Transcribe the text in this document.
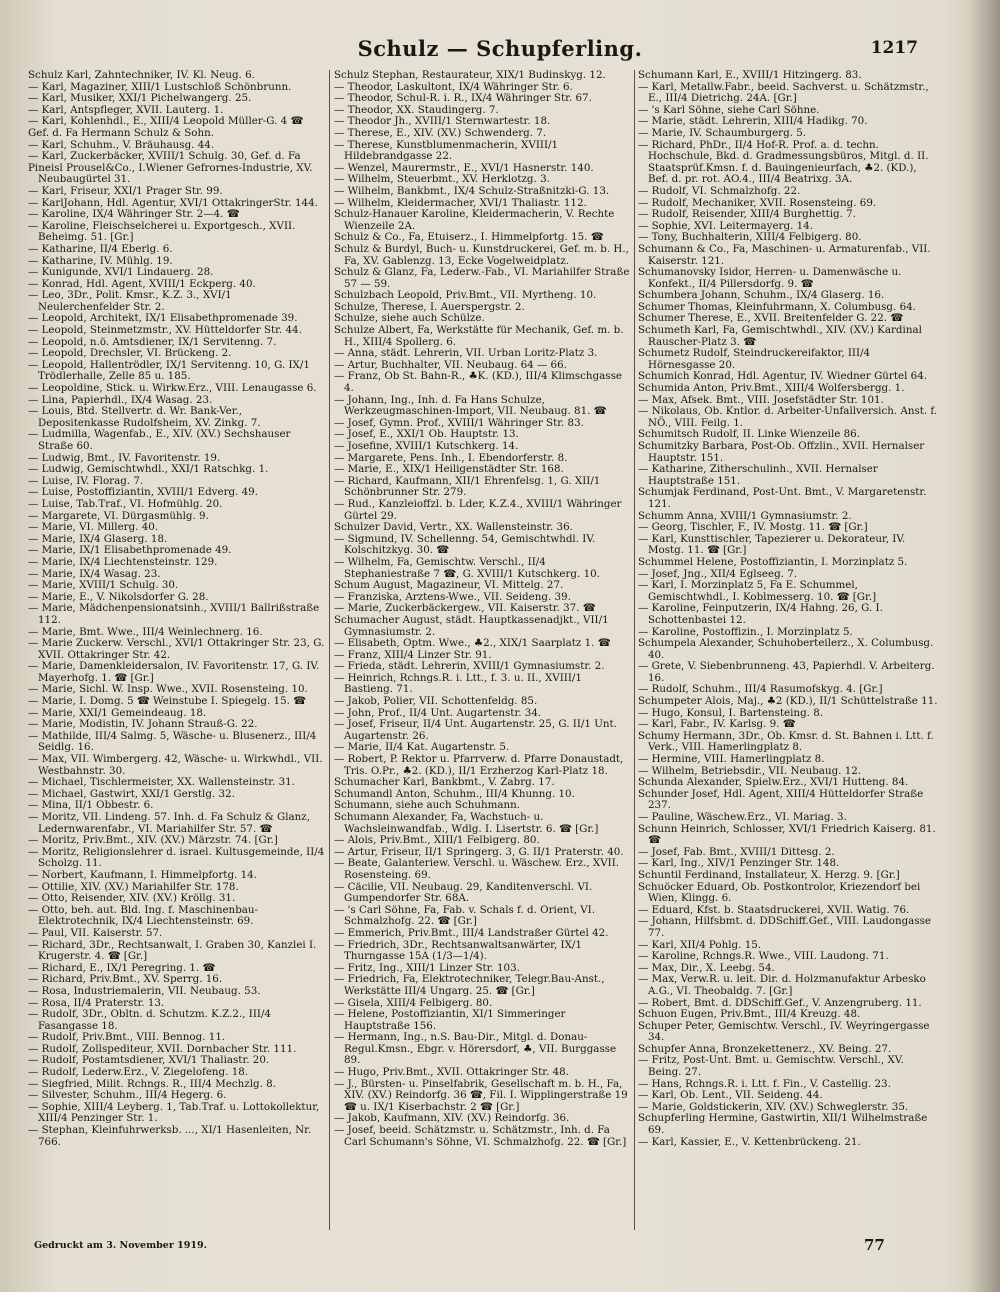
Schulz — Schupferling.	1217

Schulz Karl, Zahntechniker, IV. Kl. Neug. 6.

— Karl, Magaziner, XIII/1 Lustschloß Schönbrunn.

— Karl, Musiker, XXI/1 Pichelwangerg. 25.

— Karl, Antspfleger, XVII. Lauterg. 1.

— Karl, Kohlenhdl., E., XIII/4 Leopold Müller-G. 4 ☎

Gef. d. Fa Hermann Schulz & Sohn.

— Karl, Schuhm., V. Bräuhausg. 44.

— Karl, Zuckerbäcker, XVIII/1 Schulg. 30, Gef. d. Fa

Pineisl Prousel&Co., I.Wiener Gefrornes-Industrie, XV. Neubaugürtel 31.

— Karl, Friseur, XXI/1 Prager Str. 99.

— KarlJohann, Hdl. Agentur, XVI/1 OttakringerStr. 144.

— Karoline, IX/4 Währinger Str. 2—4. ☎

— Karoline, Fleischselcherei u. Exportgesch., XVII. Beheimg. 51. [Gr.]

— Katharine, II/4 Eberlg. 6.

— Katharine, IV. Mühlg. 19.

— Kunigunde, XVI/1 Lindauerg. 28.

— Konrad, Hdl. Agent, XVIII/1 Eckperg. 40.

— Leo, 3Dr., Polit. Kmsr., K.Z. 3., XVI/1 Neulerchenfelder Str. 2.

— Leopold, Architekt, IX/1 Elisabethpromenade 39.

— Leopold, Steinmetzmstr., XV. Hütteldorfer Str. 44.

— Leopold, n.ö. Amtsdiener, IX/1 Servitenng. 7.

— Leopold, Drechsler, VI. Brückeng. 2.

— Leopold, Hallentrödler, IX/1 Servitenng. 10, G. IX/1 Trödlerhalle, Zelle 85 u. 185.

— Leopoldine, Stick. u. Wirkw.Erz., VIII. Lenaugasse 6.

— Lina, Papierhdl., IX/4 Wasag. 23.

— Louis, Btd. Stellvertr. d. Wr. Bank-Ver., Depositenkasse Rudolfsheim, XV. Zinkg. 7.

— Ludmilla, Wagenfab., E., XIV. (XV.) Sechshauser Straße 60.

— Ludwig, Bmt., IV. Favoritenstr. 19.

— Ludwig, Gemischtwhdl., XXI/1 Ratschkg. 1.

— Luise, IV. Florag. 7.

— Luise, Postoffiziantin, XVIII/1 Edverg. 49.

— Luise, Tab.Traf., VI. Hofmühlg. 20.

— Margarete, VI. Dürgasmühlg. 9.

— Marie, VI. Millerg. 40.

— Marie, IX/4 Glaserg. 18.

— Marie, IX/1 Elisabethpromenade 49.

— Marie, IX/4 Liechtensteinstr. 129.

— Marie, IX/4 Wasag. 23.

— Marie, XVIII/1 Schulg. 30.

— Marie, E., V. Nikolsdorfer G. 28.

— Marie, Mädchenpensionatsinh., XVIII/1 Ballrißstraße 112.

— Marie, Bmt. Wwe., III/4 Weinlechnerg. 16.

— Marie Zuckerw. Verschl., XVI/1 Ottakringer Str. 23, G. XVII. Ottakringer Str. 42.

— Marie, Damenkleidersalon, IV. Favoritenstr. 17, G. IV. Mayerhofg. 1. ☎ [Gr.]

— Marie, Sichl. W. Insp. Wwe., XVII. Rosensteing. 10.

— Marie, I. Domg. 5 ☎ Weinstube I. Spiegelg. 15. ☎

— Marie, XXI/1 Gemeindeaug. 18.

— Marie, Modistin, IV. Johann Strauß-G. 22.

— Mathilde, III/4 Salmg. 5, Wäsche- u. Blusenerz., III/4 Seidlg. 16.

— Max, VII. Wimbergerg. 42, Wäsche- u. Wirkwhdl., VII. Westbahnstr. 30.

— Michael, Tischlermeister, XX. Wallensteinstr. 31.

— Michael, Gastwirt, XXI/1 Gerstlg. 32.

— Mina, II/1 Obbestr. 6.

— Moritz, VII. Lindeng. 57. Inh. d. Fa Schulz & Glanz, Ledernwarenfabr., VI. Mariahilfer Str. 57. ☎

— Moritz, Priv.Bmt., XIV. (XV.) Märzstr. 74. [Gr.]

— Moritz, Religionslehrer d. israel. Kultusgemeinde, II/4 Scholzg. 11.

— Norbert, Kaufmann, I. Himmelpfortg. 14.

— Ottilie, XIV. (XV.) Mariahilfer Str. 178.

— Otto, Reisender, XIV. (XV.) Kröllg. 31.

— Otto, beh. aut. Bld. Ing. f. Maschinenbau-Elektrotechnik, IX/4 Liechtensteinstr. 69.

— Paul, VII. Kaiserstr. 57.

— Richard, 3Dr., Rechtsanwalt, I. Graben 30, Kanzlei I. Krugerstr. 4. ☎ [Gr.]

— Richard, E., IX/1 Peregring. 1. ☎

— Richard, Priv.Bmt., XV. Sperrg. 16.

— Rosa, Industriemalerin, VII. Neubaug. 53.

— Rosa, II/4 Praterstr. 13.

— Rudolf, 3Dr., Obltn. d. Schutzm. K.Z.2., III/4 Fasangasse 18.

— Rudolf, Priv.Bmt., VIII. Bennog. 11.

— Rudolf, Zollspediteur, XVII. Dornbacher Str. 111.

— Rudolf, Postamtsdiener, XVI/1 Thaliastr. 20.

— Rudolf, Lederw.Erz., V. Ziegelofeng. 18.

— Siegfried, Milit. Rchngs. R., III/4 Mechzlg. 8.

— Silvester, Schuhm., III/4 Hegerg. 6.

— Sophie, XIII/4 Leyberg. 1, Tab.Traf. u. Lottokollektur, XIII/4 Penzinger Str. 1.

— Stephan, Kleinfuhrwerksb. ..., XI/1 Hasenleiten, Nr. 766.

Schulz Stephan, Restaurateur, XIX/1 Budinskyg. 12.

— Theodor, Laskultont, IX/4 Währinger Str. 6.

— Theodor, Schul-R. i. R., IX/4 Währinger Str. 67.

— Theodor, XX. Staudingerg. 7.

— Theodor Jh., XVIII/1 Sternwartestr. 18.

— Therese, E., XIV. (XV.) Schwenderg. 7.

— Therese, Kunstblumenmacherin, XVIII/1 Hildebrandgasse 22.

— Wenzel, Maurermstr., E., XVI/1 Hasnerstr. 140.

— Wilhelm, Steuerbmt., XV. Herklotzg. 3.

— Wilhelm, Bankbmt., IX/4 Schulz-Straßnitzki-G. 13.

— Wilhelm, Kleidermacher, XVI/1 Thaliastr. 112.

Schulz-Hanauer Karoline, Kleidermacherin, V. Rechte Wienzeile 2A.

Schulz & Co., Fa, Etuiserz., I. Himmelpfortg. 15. ☎

Schulz & Burdyl, Buch- u. Kunstdruckerei, Gef. m. b. H., Fa, XV. Gablenzg. 13, Ecke Vogelweidplatz.

Schulz & Glanz, Fa, Lederw.-Fab., VI. Mariahilfer Straße 57 — 59.

Schulzbach Leopold, Priv.Bmt., VII. Myrtheng. 10.

Schulze, Therese, I. Auerspergstr. 2.

Schulze, siehe auch Schülze.

Schulze Albert, Fa, Werkstätte für Mechanik, Gef. m. b. H., XIII/4 Spollerg. 6.

— Anna, städt. Lehrerin, VII. Urban Loritz-Platz 3.

— Artur, Buchhalter, VII. Neubaug. 64 — 66.

— Franz, Ob St. Bahn-R., ♣K. (KD.), III/4 Klimschgasse 4.

— Johann, Ing., Inh. d. Fa Hans Schulze, Werkzeugmaschinen-Import, VII. Neubaug. 81. ☎

— Josef, Gymn. Prof., XVIII/1 Währinger Str. 83.

— Josef, E., XXI/1 Ob. Hauptstr. 13.

— Josefine, XVIII/1 Kutschkerg. 14.

— Margarete, Pens. Inh., I. Ebendorferstr. 8.

— Marie, E., XIX/1 Heiligenstädter Str. 168.

— Richard, Kaufmann, XII/1 Ehrenfelsg. 1, G. XII/1 Schönbrunner Str. 279.

— Rud., Kanzleioffzl. b. Lder, K.Z.4., XVIII/1 Währinger Gürtel 29.

Schulzer David, Vertr., XX. Wallensteinstr. 36.

— Sigmund, IV. Schellenng. 54, Gemischtwhdl. IV. Kolschitzkyg. 30. ☎

— Wilhelm, Fa, Gemischtw. Verschl., II/4 Stephaniestraße 7 ☎, G. XVIII/1 Kutschkerg. 10.

Schum August, Magazineur, VI. Mittelg. 27.

— Franziska, Arztens-Wwe., VII. Seideng. 39.

— Marie, Zuckerbäckergew., VII. Kaiserstr. 37. ☎

Schumacher August, städt. Hauptkassenadjkt., VII/1 Gymnasiumstr. 2.

— Elisabeth, Optm. Wwe., ♣2., XIX/1 Saarplatz 1. ☎

— Franz, XIII/4 Linzer Str. 91.

— Frieda, städt. Lehrerin, XVIII/1 Gymnasiumstr. 2.

— Heinrich, Rchngs.R. i. Ltt., f. 3. u. II., XVIII/1 Bastieng. 71.

— Jakob, Polier, VII. Schottenfeldg. 85.

— John, Prof., II/4 Unt. Augartenstr. 34.

— Josef, Friseur, II/4 Unt. Augartenstr. 25, G. II/1 Unt. Augartenstr. 26.

— Marie, II/4 Kat. Augartenstr. 5.

— Robert, P. Rektor u. Pfarrverw. d. Pfarre Donaustadt, Tris. O.Pr., ♣2. (KD.), II/1 Erzherzog Karl-Platz 18.

Schumacher Karl, Bankbmt., V. Zabrg. 17.

Schumandl Anton, Schuhm., III/4 Khunng. 10.

Schumann, siehe auch Schuhmann.

Schumann Alexander, Fa, Wachstuch- u. Wachsleinwandfab., Wdlg. I. Lisertstr. 6. ☎ [Gr.]

— Alois, Priv.Bmt., XIII/1 Felbigerg. 80.

— Artur, Friseur, II/1 Springerg. 3, G. II/1 Praterstr. 40.

— Beate, Galanteriew. Verschl. u. Wäschew. Erz., XVII. Rosensteing. 69.

— Cäcilie, VII. Neubaug. 29, Kanditenverschl. VI. Gumpendorfer Str. 68A.

— 's Carl Söhne, Fa, Fab. v. Schals f. d. Orient, VI. Schmalzhofg. 22. ☎ [Gr.]

— Emmerich, Priv.Bmt., III/4 Landstraßer Gürtel 42.

— Friedrich, 3Dr., Rechtsanwaltsanwärter, IX/1 Thurngasse 15A (1/3—1/4).

— Fritz, Ing., XIII/1 Linzer Str. 103.

— Friedrich, Fa, Elektrotechniker, Telegr.Bau-Anst., Werkstätte III/4 Ungarg. 25. ☎ [Gr.]

— Gisela, XIII/4 Felbigerg. 80.

— Helene, Postoffiziantin, XI/1 Simmeringer Hauptstraße 156.

— Hermann, Ing., n.S. Bau-Dir., Mitgl. d. Donau-Regul.Kmsn., Ebgr. v. Hörersdorf, ♣, VII. Burggasse 89.

— Hugo, Priv.Bmt., XVII. Ottakringer Str. 48.

— J., Bürsten- u. Pinselfabrik, Gesellschaft m. b. H., Fa, XIV. (XV.) Reindorfg. 36 ☎, Fil. I. Wipplingerstraße 19 ☎ u. IX/1 Kiserbachstr. 2 ☎ [Gr.]

— Jakob, Kaufmann, XIV. (XV.) Reindorfg. 36.

— Josef, beeid. Schätzmstr. u. Schätzmstr., Inh. d. Fa Carl Schumann's Söhne, VI. Schmalzhofg. 22. ☎ [Gr.]

Schumann Karl, E., XVIII/1 Hitzingerg. 83.

— Karl, Metallw.Fabr., beeid. Sachverst. u. Schätzmstr., E., III/4 Dietrichg. 24A. [Gr.]

— 's Karl Söhne, siehe Carl Söhne.

— Marie, städt. Lehrerin, XIII/4 Hadikg. 70.

— Marie, IV. Schaumburgerg. 5.

— Richard, PhDr., II/4 Hof-R. Prof. a. d. techn. Hochschule, Bkd. d. Gradmessungsbüros, Mitgl. d. II. Staatsprüf.Kmsn. f. d. Bauingenieurfach, ♣2. (KD.), Bef. d. pr. rot. AO.4., III/4 Beatrixg. 3A.

— Rudolf, VI. Schmalzhofg. 22.

— Rudolf, Mechaniker, XVII. Rosensteing. 69.

— Rudolf, Reisender, XIII/4 Burghettig. 7.

— Sophie, XVI. Leitermayerg. 14.

— Tony, Buchhalterin, XIII/4 Felbigerg. 80.

Schumann & Co., Fa, Maschinen- u. Armaturenfab., VII. Kaiserstr. 121.

Schumanovsky Isidor, Herren- u. Damenwäsche u. Konfekt., II/4 Pillersdorfg. 9. ☎

Schumbera Johann, Schuhm., IX/4 Glaserg. 16.

Schumer Thomas, Kleinfuhrmann, X. Columbusg. 64.

Schumer Therese, E., XVII. Breitenfelder G. 22. ☎

Schumeth Karl, Fa, Gemischtwhdl., XIV. (XV.) Kardinal Rauscher-Platz 3. ☎

Schumetz Rudolf, Steindruckereifaktor, III/4 Hörnesgasse 20.

Schumich Konrad, Hdl. Agentur, IV. Wiedner Gürtel 64.

Schumida Anton, Priv.Bmt., XIII/4 Wolfersbergg. 1.

— Max, Afsek. Bmt., VIII. Josefstädter Str. 101.

— Nikolaus, Ob. Kntlor. d. Arbeiter-Unfallversich. Anst. f. NÖ., VIII. Feilg. 1.

Schumitsch Rudolf, II. Linke Wienzeile 86.

Schumitzky Barbara, Post-Ob. Offzlin., XVII. Hernalser Hauptstr. 151.

— Katharine, Zitherschulinh., XVII. Hernalser Hauptstraße 151.

Schumjak Ferdinand, Post-Unt. Bmt., V. Margaretenstr. 121.

Schumm Anna, XVIII/1 Gymnasiumstr. 2.

— Georg, Tischler, F., IV. Mostg. 11. ☎ [Gr.]

— Karl, Kunsttischler, Tapezierer u. Dekorateur, IV. Mostg. 11. ☎ [Gr.]

Schummel Helene, Postoffiziantin, I. Morzinplatz 5.

— Josef, Jng., XII/4 Eglseeg. 7.

— Karl, I. Morzinplatz 5, Fa E. Schummel, Gemischtwhdl., I. Koblmesserg. 10. ☎ [Gr.]

— Karoline, Feinputzerin, IX/4 Hahng. 26, G. I. Schottenbastei 12.

— Karoline, Postoffizin., I. Morzinplatz 5.

Schumpela Alexander, Schuhoberteilerz., X. Columbusg. 40.

— Grete, V. Siebenbrunneng. 43, Papierhdl. V. Arbeiterg. 16.

— Rudolf, Schuhm., III/4 Rasumofskyg. 4. [Gr.]

Schumpeter Alois, Maj., ♣2 (KD.), II/1 Schüttelstraße 11.

— Hugo, Konsul, I. Bartensteing. 8.

— Karl, Fabr., IV. Karlsg. 9. ☎

Schumy Hermann, 3Dr., Ob. Kmsr. d. St. Bahnen i. Ltt. f. Verk., VIII. Hamerlingplatz 8.

— Hermine, VIII. Hamerlingplatz 8.

— Wilhelm, Betriebsdir., VII. Neubaug. 12.

Schunda Alexander, Spielw.Erz., XVI/1 Hutteng. 84.

Schunder Josef, Hdl. Agent, XIII/4 Hütteldorfer Straße 237.

— Pauline, Wäschew.Erz., VI. Mariag. 3.

Schunn Heinrich, Schlosser, XVI/1 Friedrich Kaiserg. 81. ☎

— Josef, Fab. Bmt., XVIII/1 Dittesg. 2.

— Karl, Ing., XIV/1 Penzinger Str. 148.

Schuntil Ferdinand, Installateur, X. Herzg. 9. [Gr.]

Schuöcker Eduard, Ob. Postkontrolor, Kriezendorf bei Wien, Klingg. 6.

— Eduard, Kfst. b. Staatsdruckerei, XVII. Watig. 76.

— Johann, Hilfsbmt. d. DDSchiff.Gef., VIII. Laudongasse 77.

— Karl, XII/4 Pohlg. 15.

— Karoline, Rchngs.R. Wwe., VIII. Laudong. 71.

— Max, Dir., X. Leebg. 54.

— Max, Verw.R. u. leit. Dir. d. Holzmanufaktur Arbesko A.G., VI. Theobaldg. 7. [Gr.]

— Robert, Bmt. d. DDSchiff.Gef., V. Anzengruberg. 11.

Schuon Eugen, Priv.Bmt., III/4 Kreuzg. 48.

Schuper Peter, Gemischtw. Verschl., IV. Weyringergasse 34.

Schupfer Anna, Bronzekettenerz., XV. Being. 27.

— Fritz, Post-Unt. Bmt. u. Gemischtw. Verschl., XV. Being. 27.

— Hans, Rchngs.R. i. Ltt. f. Fin., V. Castellig. 23.

— Karl, Ob. Lent., VII. Seideng. 44.

— Marie, Goldstickerin, XIV. (XV.) Schweglerstr. 35.

Schupferling Hermine, Gastwirtin, XII/1 Wilhelmstraße 69.

— Karl, Kassier, E., V. Kettenbrückeng. 21.

Gedruckt am 3. November 1919.	77
